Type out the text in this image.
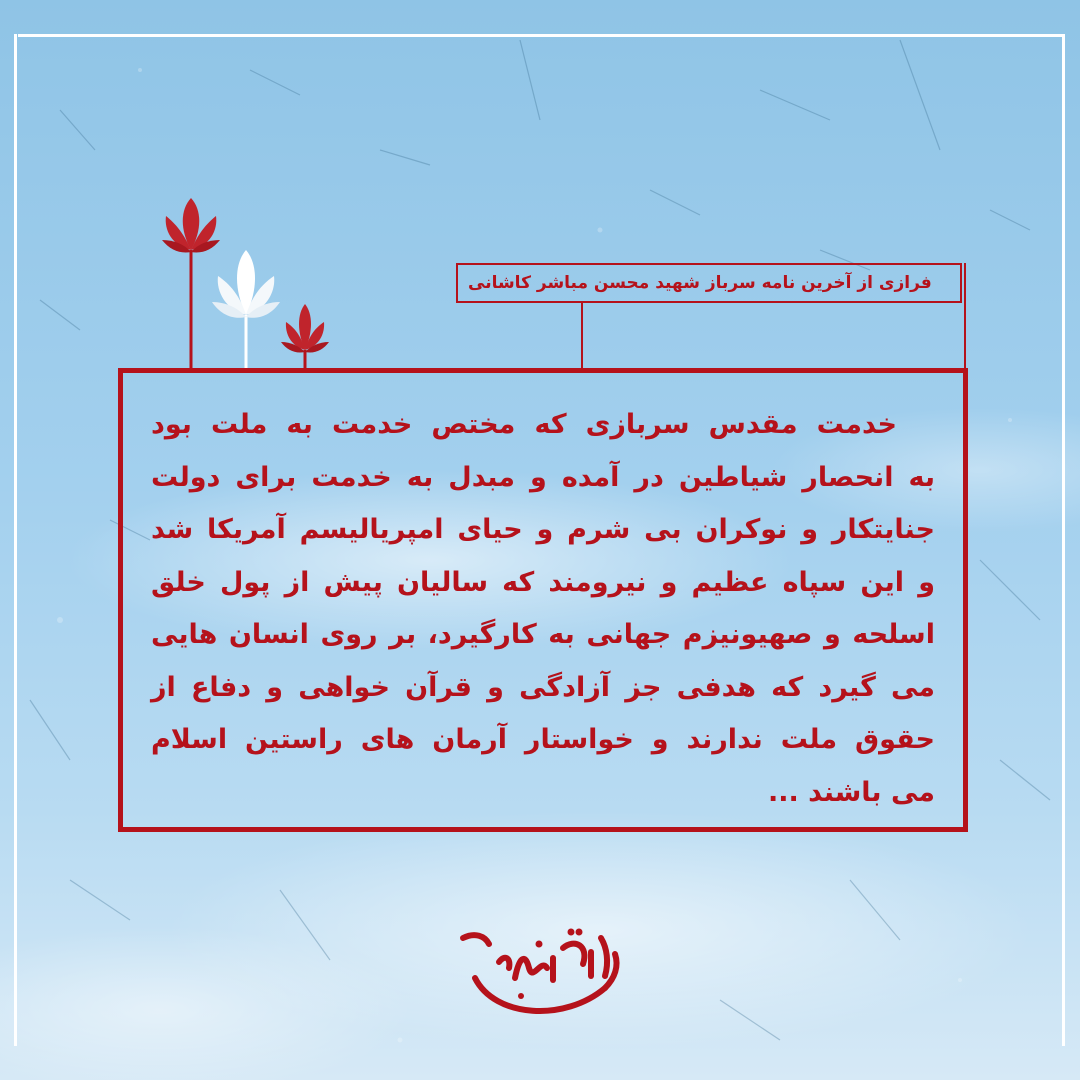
فرازی از آخرین نامه سرباز شهید محسن مباشر کاشانی
خدمت مقدس سربازی که مختص خدمت به ملت بود
به انحصار شیاطین در آمده و مبدل به خدمت برای دولت
جنایتکار و نوکران بی شرم و حیای امپریالیسم آمریکا شد
و این سپاه عظیم و نیرومند که سالیان پیش از پول خلق
اسلحه و صهیونیزم جهانی به کارگیرد، بر روی انسان هایی
می گیرد که هدفی جز آزادگی و قرآن خواهی و دفاع از
حقوق ملت ندارند و خواستار آرمان های راستین اسلام
می باشند ...
